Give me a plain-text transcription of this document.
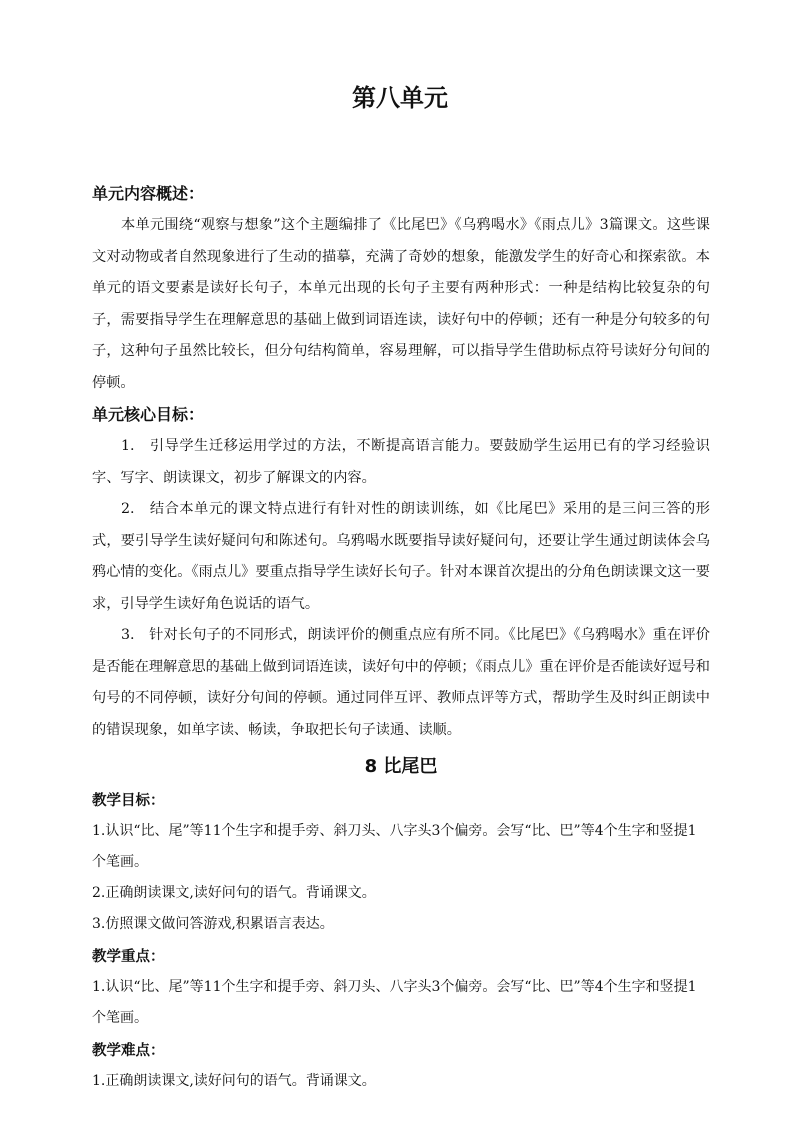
第八单元
单元内容概述：
本单元围绕“观察与想象”这个主题编排了《比尾巴》《乌鸦喝水》《雨点儿》3篇课文。这些课文对动物或者自然现象进行了生动的描摹，充满了奇妙的想象，能激发学生的好奇心和探索欲。本单元的语文要素是读好长句子，本单元出现的长句子主要有两种形式：一种是结构比较复杂的句子，需要指导学生在理解意思的基础上做到词语连读，读好句中的停顿；还有一种是分句较多的句子，这种句子虽然比较长，但分句结构简单，容易理解，可以指导学生借助标点符号读好分句间的停顿。
单元核心目标：
1.　引导学生迁移运用学过的方法，不断提高语言能力。要鼓励学生运用已有的学习经验识字、写字、朗读课文，初步了解课文的内容。
2.　结合本单元的课文特点进行有针对性的朗读训练，如《比尾巴》采用的是三问三答的形式，要引导学生读好疑问句和陈述句。乌鸦喝水既要指导读好疑问句，还要让学生通过朗读体会乌鸦心情的变化。《雨点儿》要重点指导学生读好长句子。针对本课首次提出的分角色朗读课文这一要求，引导学生读好角色说话的语气。
3.　针对长句子的不同形式，朗读评价的侧重点应有所不同。《比尾巴》《乌鸦喝水》重在评价是否能在理解意思的基础上做到词语连读，读好句中的停顿；《雨点儿》重在评价是否能读好逗号和句号的不同停顿，读好分句间的停顿。通过同伴互评、教师点评等方式，帮助学生及时纠正朗读中的错误现象，如单字读、畅读，争取把长句子读通、读顺。
8 比尾巴
教学目标：
1.认识“比、尾”等11个生字和提手旁、斜刀头、八字头3个偏旁。会写“比、巴”等4个生字和竖提1个笔画。
2.正确朗读课文,读好问句的语气。背诵课文。
3.仿照课文做问答游戏,积累语言表达。
教学重点：
1.认识“比、尾”等11个生字和提手旁、斜刀头、八字头3个偏旁。会写“比、巴”等4个生字和竖提1个笔画。
教学难点：
1.正确朗读课文,读好问句的语气。背诵课文。
